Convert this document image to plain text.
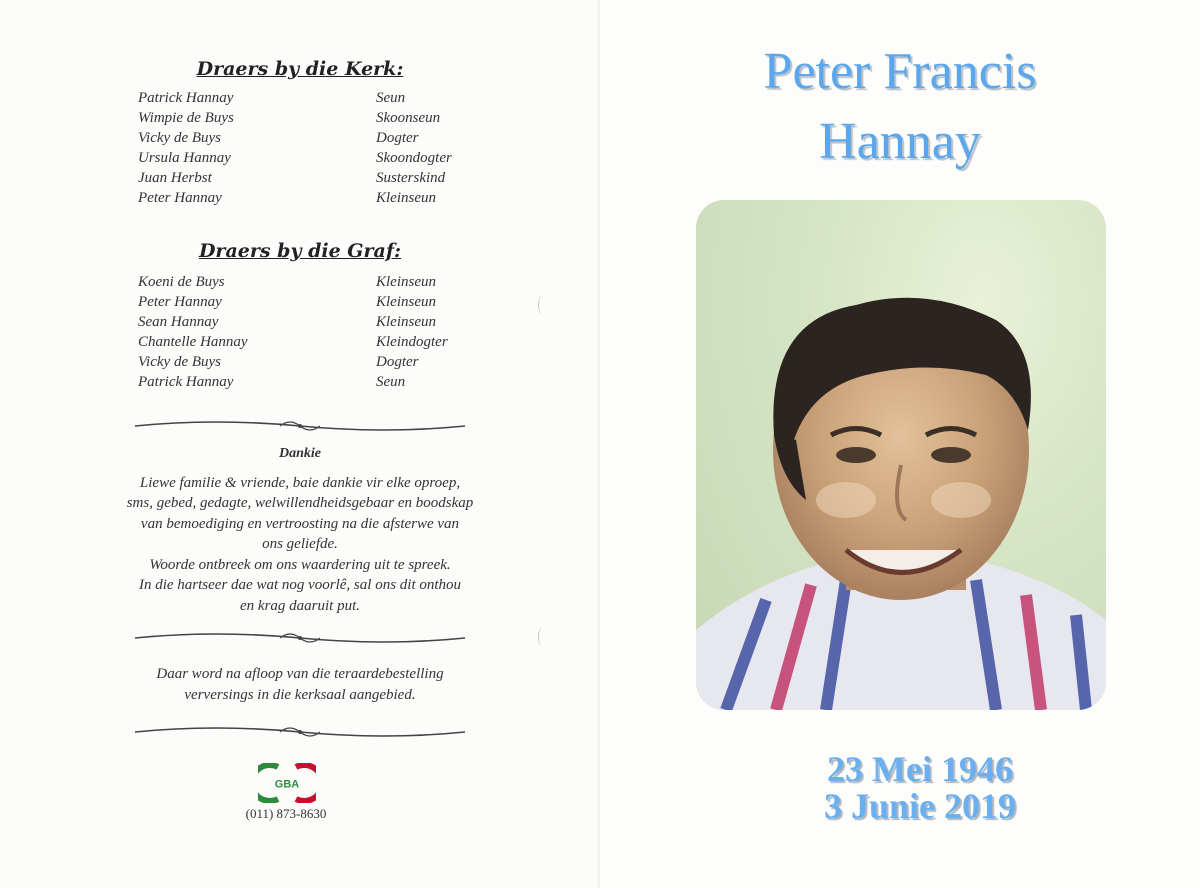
Draers by die Kerk:
Patrick Hannay	Seun
Wimpie de Buys	Skoonseun
Vicky de Buys	Dogter
Ursula Hannay	Skoondogter
Juan Herbst	Susterskind
Peter Hannay	Kleinseun
Draers by die Graf:
Koeni de Buys	Kleinseun
Peter Hannay	Kleinseun
Sean Hannay	Kleinseun
Chantelle Hannay	Kleindogter
Vicky de Buys	Dogter
Patrick Hannay	Seun
Dankie
Liewe familie & vriende, baie dankie vir elke oproep,
sms, gebed, gedagte, welwillendheidsgebaar en boodskap
van bemoediging en vertroosting na die afsterwe van
ons geliefde.
Woorde ontbreek om ons waardering uit te spreek.
In die hartseer dae wat nog voorlê, sal ons dit onthou
en krag daaruit put.
Daar word na afloop van die teraardebestelling
verversings in die kerksaal aangebied.
GBA
(011) 873-8630
Peter Francis
Hannay
23 Mei 1946
3 Junie 2019
